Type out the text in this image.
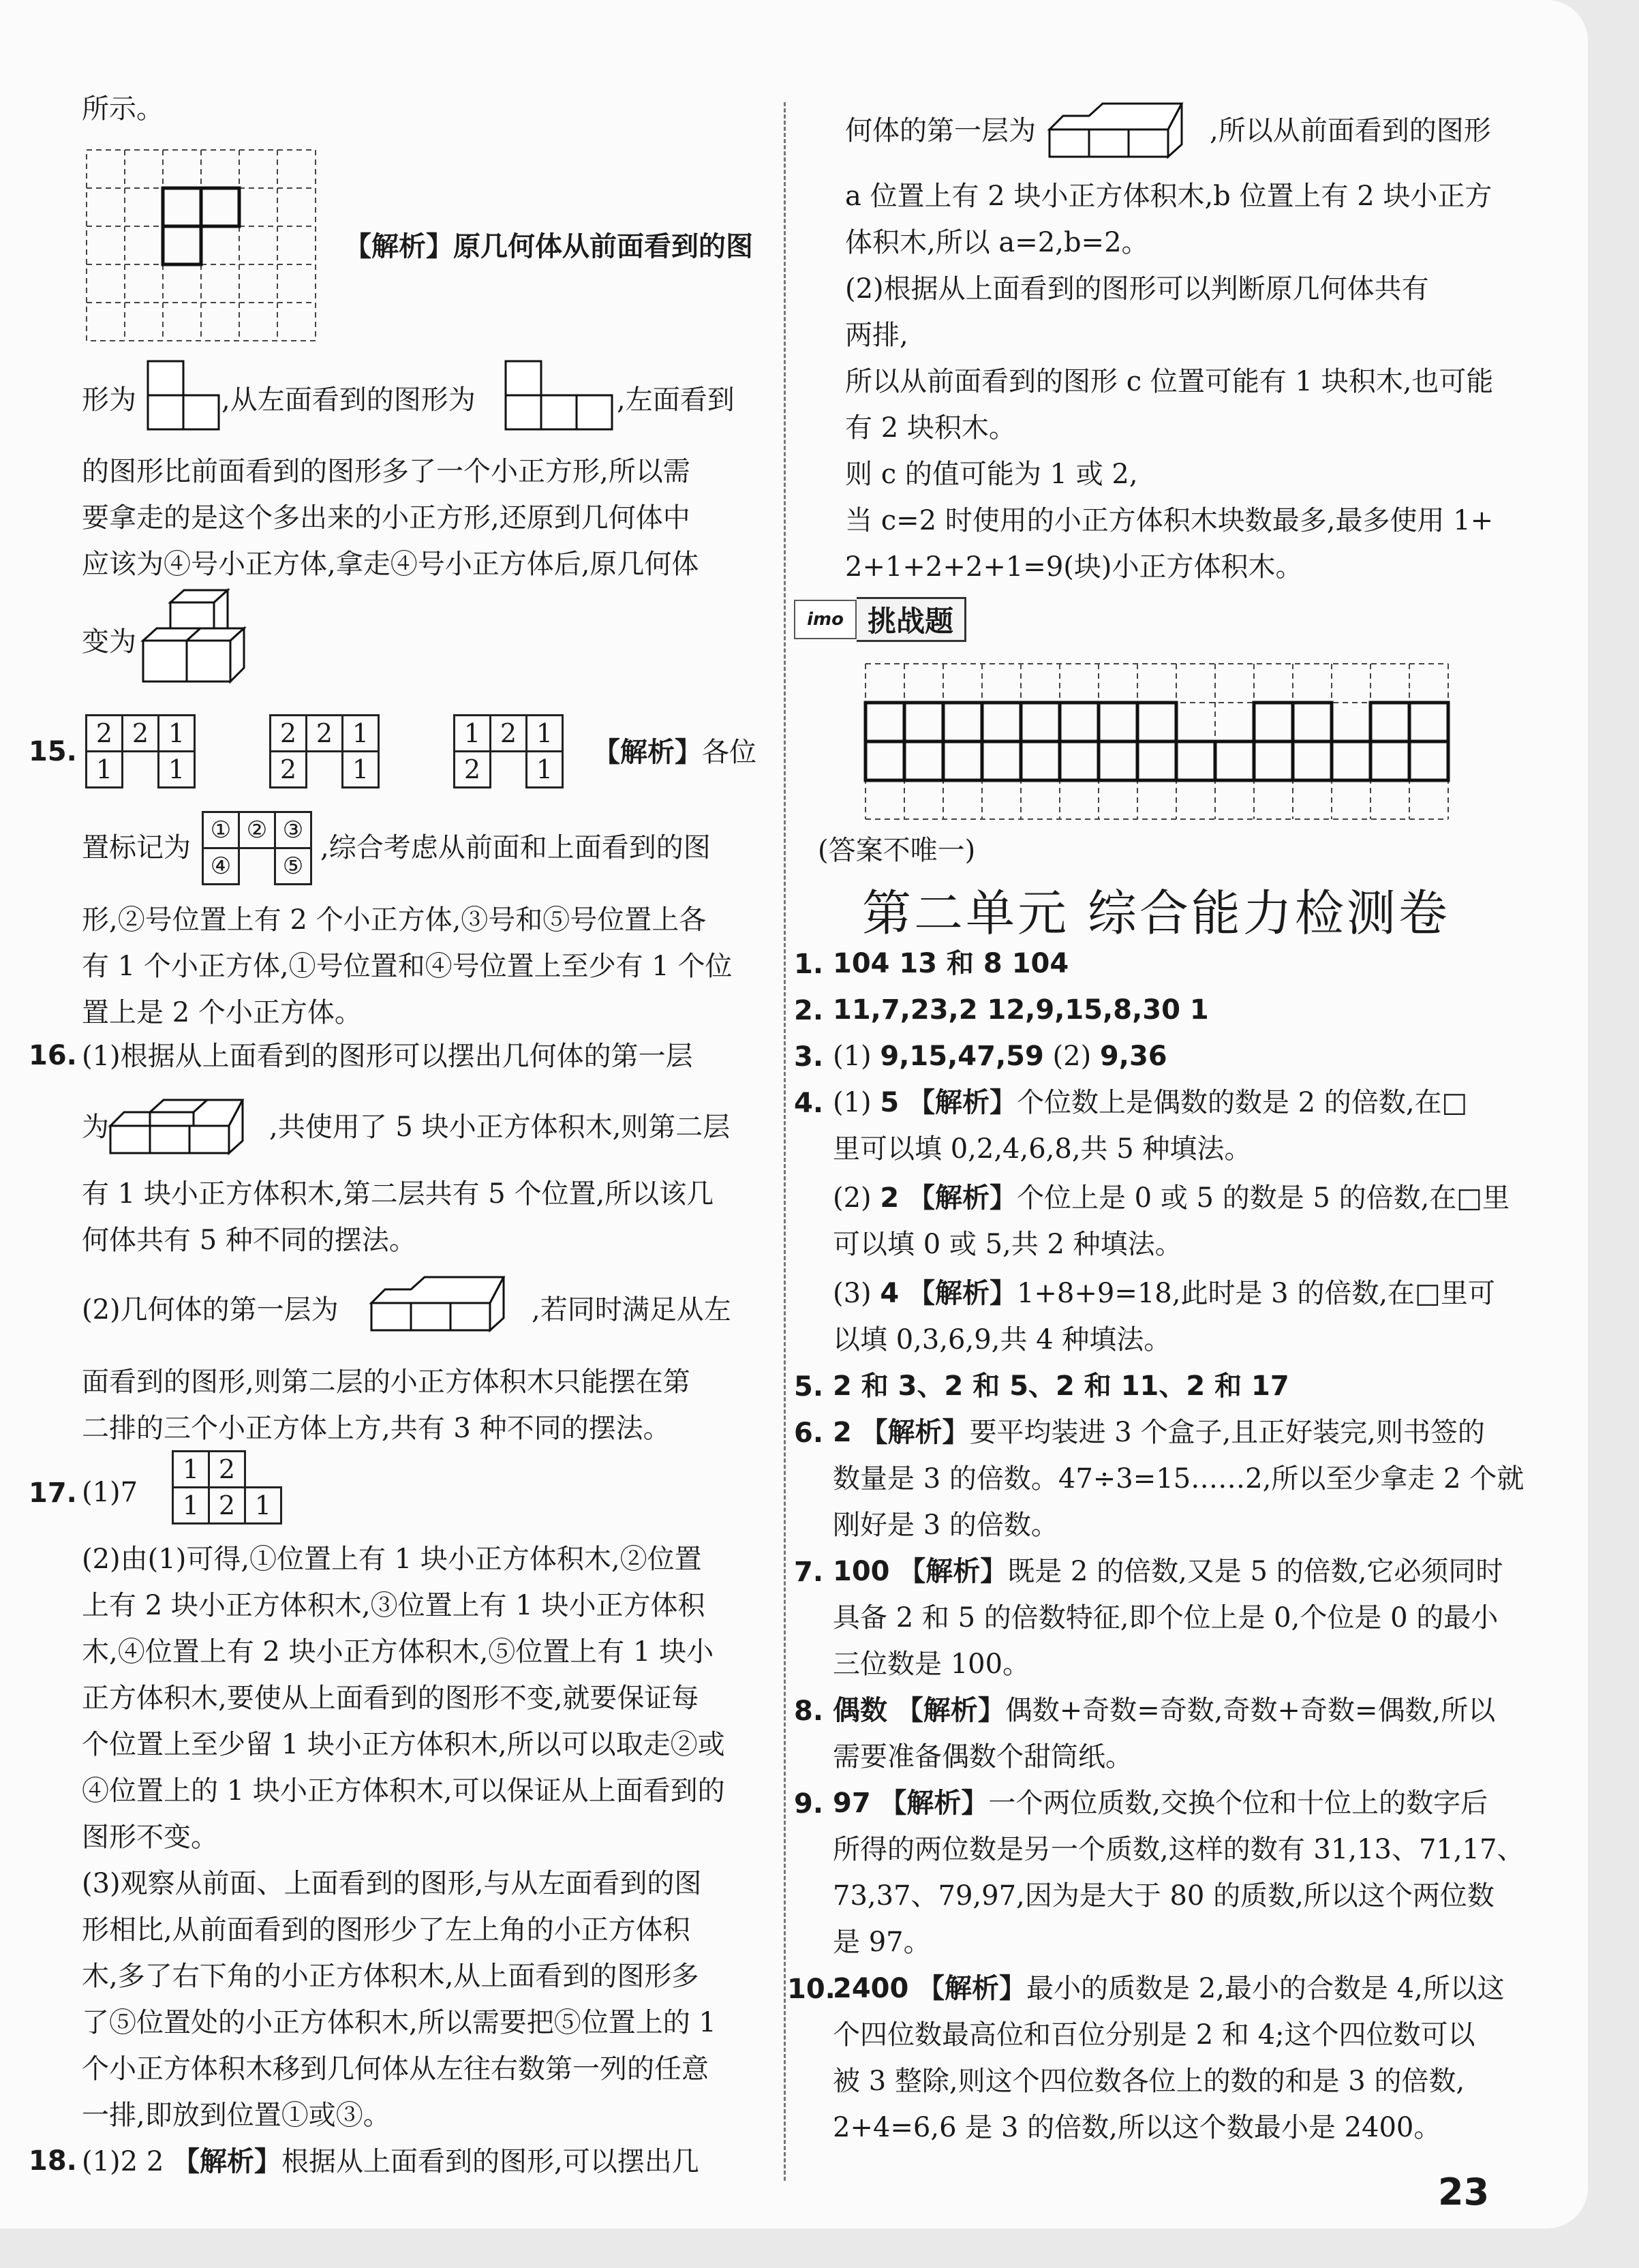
所示。
【解析】原几何体从前面看到的图
形为	,从左面看到的图形为	,左面看到
的图形比前面看到的图形多了一个小正方形,所以需
要拿走的是这个多出来的小正方形,还原到几何体中
应该为④号小正方体,拿走④号小正方体后,原几何体
变为
15.
2	2	1
1		1
2	2	1
2		1
1	2	1
2		1
【解析】各位
置标记为
①	②	③
④		⑤
,综合考虑从前面和上面看到的图
形,②号位置上有 2 个小正方体,③号和⑤号位置上各
有 1 个小正方体,①号位置和④号位置上至少有 1 个位
置上是 2 个小正方体。
16. (1)根据从上面看到的图形可以摆出几何体的第一层
为	,共使用了 5 块小正方体积木,则第二层
有 1 块小正方体积木,第二层共有 5 个位置,所以该几
何体共有 5 种不同的摆法。
(2)几何体的第一层为	,若同时满足从左
面看到的图形,则第二层的小正方体积木只能摆在第
二排的三个小正方体上方,共有 3 种不同的摆法。
17. (1)7
1	2	
1	2	1
(2)由(1)可得,①位置上有 1 块小正方体积木,②位置
上有 2 块小正方体积木,③位置上有 1 块小正方体积
木,④位置上有 2 块小正方体积木,⑤位置上有 1 块小
正方体积木,要使从上面看到的图形不变,就要保证每
个位置上至少留 1 块小正方体积木,所以可以取走②或
④位置上的 1 块小正方体积木,可以保证从上面看到的
图形不变。
(3)观察从前面、上面看到的图形,与从左面看到的图
形相比,从前面看到的图形少了左上角的小正方体积
木,多了右下角的小正方体积木,从上面看到的图形多
了⑤位置处的小正方体积木,所以需要把⑤位置上的 1
个小正方体积木移到几何体从左往右数第一列的任意
一排,即放到位置①或③。
18. (1)2 2 【解析】根据从上面看到的图形,可以摆出几
何体的第一层为	,所以从前面看到的图形
a 位置上有 2 块小正方体积木,b 位置上有 2 块小正方
体积木,所以 a=2,b=2。
(2)根据从上面看到的图形可以判断原几何体共有
两排,
所以从前面看到的图形 c 位置可能有 1 块积木,也可能
有 2 块积木。
则 c 的值可能为 1 或 2,
当 c=2 时使用的小正方体积木块数最多,最多使用 1+
2+1+2+2+1=9(块)小正方体积木。
imo 挑战题
(答案不唯一)
第二单元 综合能力检测卷
1. 104 13 和 8 104
2. 11,7,23,2 12,9,15,8,30 1
3. (1) 9,15,47,59 (2) 9,36
4. (1) 5 【解析】个位数上是偶数的数是 2 的倍数,在□
里可以填 0,2,4,6,8,共 5 种填法。
(2) 2 【解析】个位上是 0 或 5 的数是 5 的倍数,在□里
可以填 0 或 5,共 2 种填法。
(3) 4 【解析】1+8+9=18,此时是 3 的倍数,在□里可
以填 0,3,6,9,共 4 种填法。
5. 2 和 3、2 和 5、2 和 11、2 和 17
6. 2 【解析】要平均装进 3 个盒子,且正好装完,则书签的
数量是 3 的倍数。47÷3=15……2,所以至少拿走 2 个就
刚好是 3 的倍数。
7. 100 【解析】既是 2 的倍数,又是 5 的倍数,它必须同时
具备 2 和 5 的倍数特征,即个位上是 0,个位是 0 的最小
三位数是 100。
8. 偶数 【解析】偶数+奇数=奇数,奇数+奇数=偶数,所以
需要准备偶数个甜筒纸。
9. 97 【解析】一个两位质数,交换个位和十位上的数字后
所得的两位数是另一个质数,这样的数有 31,13、71,17、
73,37、79,97,因为是大于 80 的质数,所以这个两位数
是 97。
10.
2400 【解析】最小的质数是 2,最小的合数是 4,所以这
个四位数最高位和百位分别是 2 和 4;这个四位数可以
被 3 整除,则这个四位数各位上的数的和是 3 的倍数,
2+4=6,6 是 3 的倍数,所以这个数最小是 2400。
23
